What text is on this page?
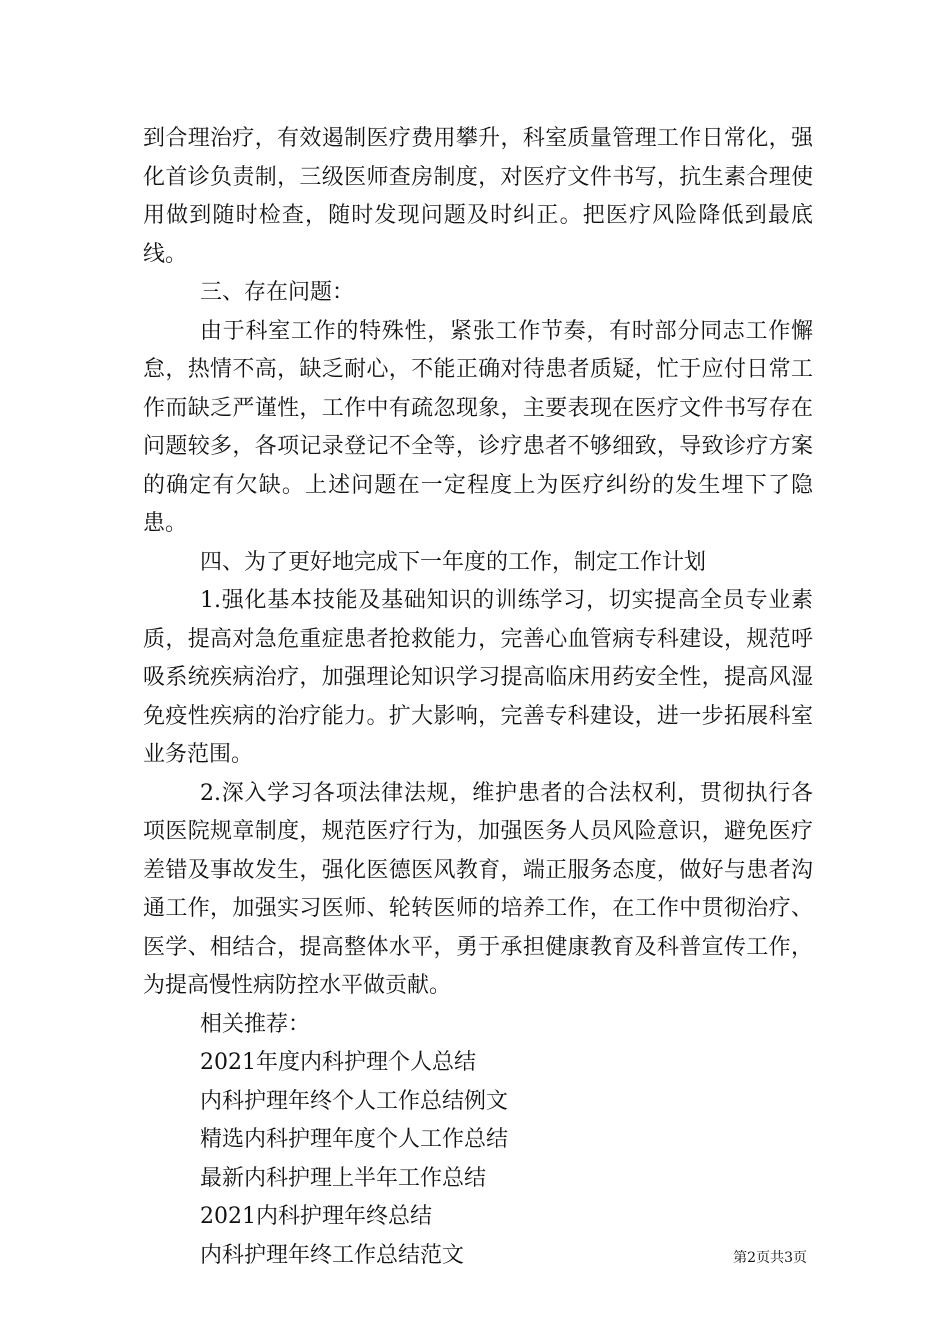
到合理治疗，有效遏制医疗费用攀升，科室质量管理工作日常化，强化首诊负责制，三级医师查房制度，对医疗文件书写，抗生素合理使用做到随时检查，随时发现问题及时纠正。把医疗风险降低到最底线。

三、存在问题：

由于科室工作的特殊性，紧张工作节奏，有时部分同志工作懈怠，热情不高，缺乏耐心，不能正确对待患者质疑，忙于应付日常工作而缺乏严谨性，工作中有疏忽现象，主要表现在医疗文件书写存在问题较多，各项记录登记不全等，诊疗患者不够细致，导致诊疗方案的确定有欠缺。上述问题在一定程度上为医疗纠纷的发生埋下了隐患。

四、为了更好地完成下一年度的工作，制定工作计划

1.强化基本技能及基础知识的训练学习，切实提高全员专业素质，提高对急危重症患者抢救能力，完善心血管病专科建设，规范呼吸系统疾病治疗，加强理论知识学习提高临床用药安全性，提高风湿免疫性疾病的治疗能力。扩大影响，完善专科建设，进一步拓展科室业务范围。

2.深入学习各项法律法规，维护患者的合法权利，贯彻执行各项医院规章制度，规范医疗行为，加强医务人员风险意识，避免医疗差错及事故发生，强化医德医风教育，端正服务态度，做好与患者沟通工作，加强实习医师、轮转医师的培养工作，在工作中贯彻治疗、医学、相结合，提高整体水平，勇于承担健康教育及科普宣传工作，为提高慢性病防控水平做贡献。

相关推荐：

2021年度内科护理个人总结
内科护理年终个人工作总结例文
精选内科护理年度个人工作总结
最新内科护理上半年工作总结
2021内科护理年终总结
内科护理年终工作总结范文	第2页共3页
